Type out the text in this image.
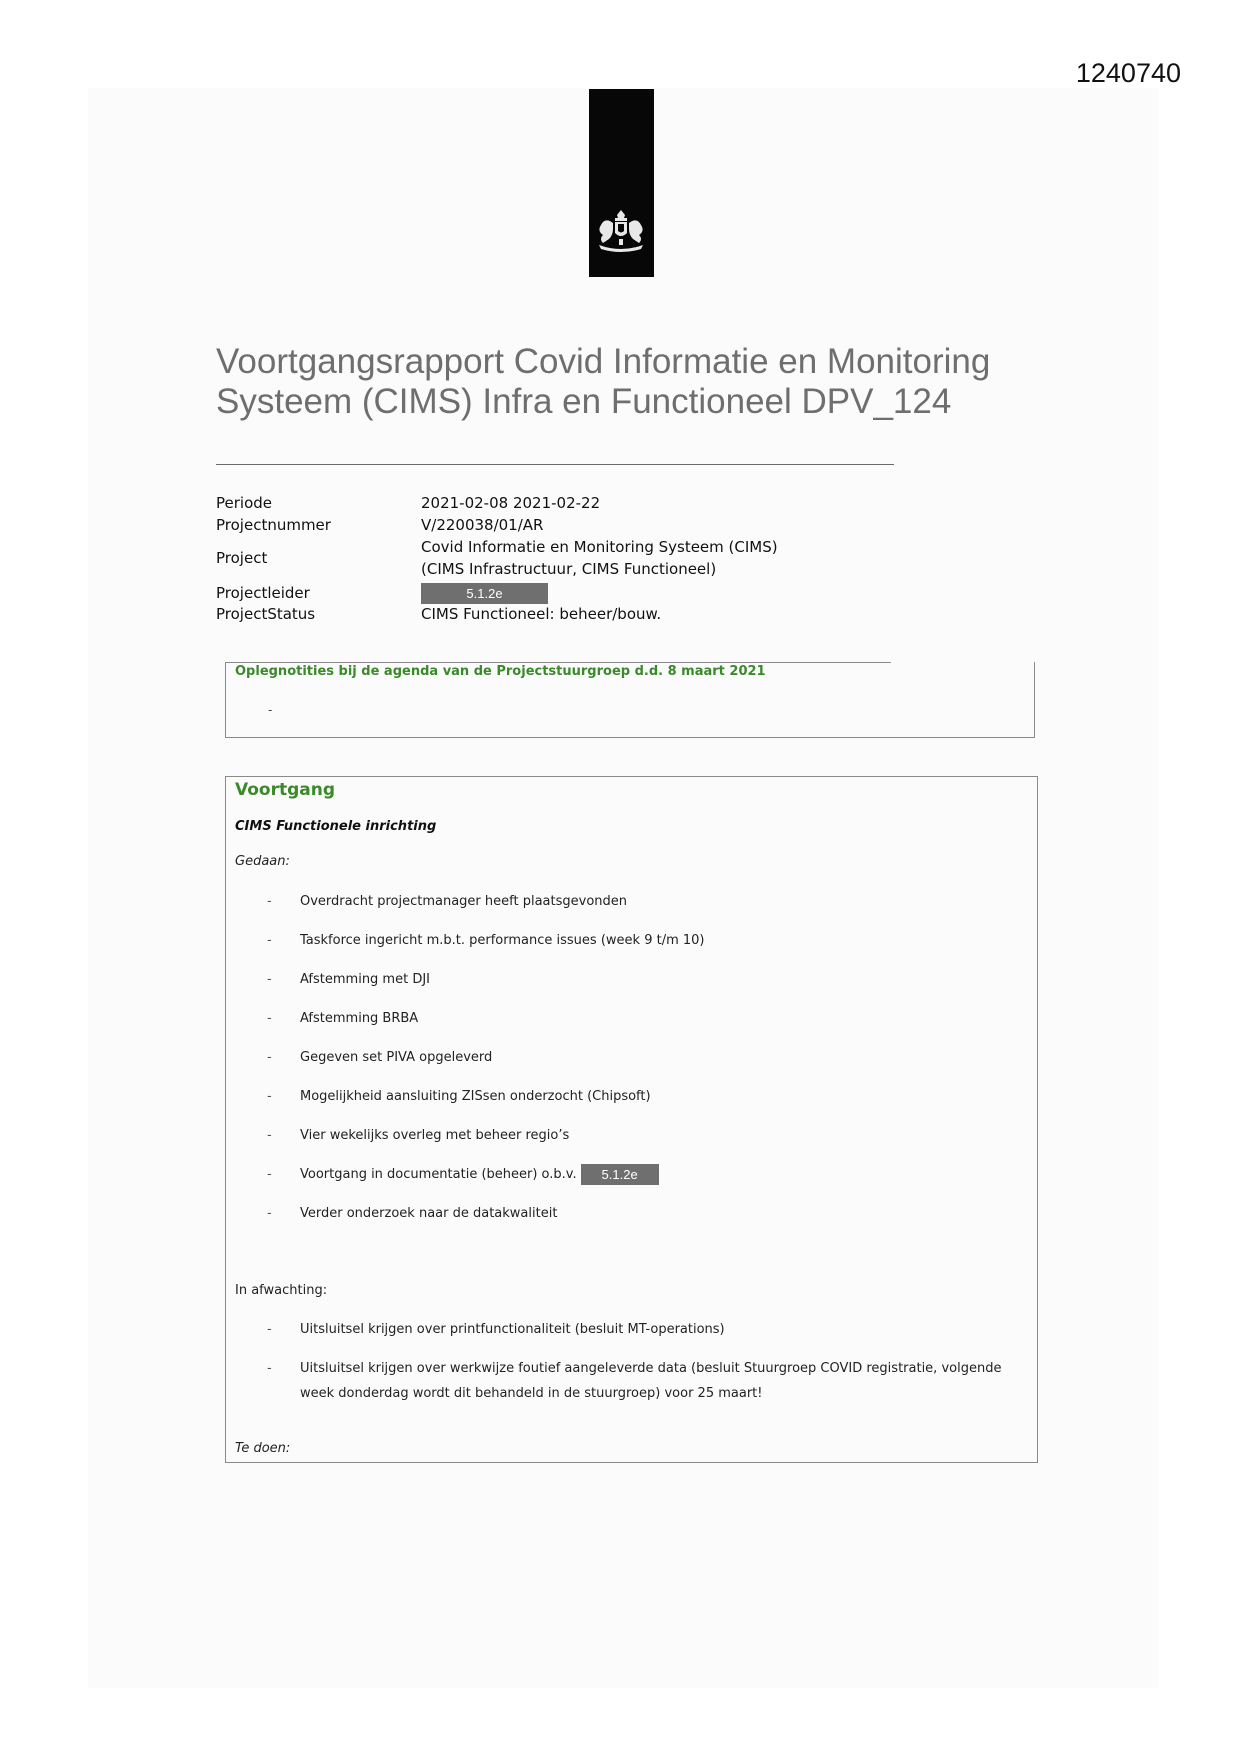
1240740
Voortgangsrapport Covid Informatie en Monitoring
Systeem (CIMS) Infra en Functioneel DPV_124
Periode	2021-02-08 2021-02-22
Projectnummer	V/220038/01/AR
Project
Covid Informatie en Monitoring Systeem (CIMS)
(CIMS Infrastructuur, CIMS Functioneel)
Projectleider	5.1.2e
ProjectStatus	CIMS Functioneel: beheer/bouw.
Oplegnotities bij de agenda van de Projectstuurgroep d.d. 8 maart 2021
-
Voortgang
CIMS Functionele inrichting
Gedaan:
- Overdracht projectmanager heeft plaatsgevonden
- Taskforce ingericht m.b.t. performance issues (week 9 t/m 10)
- Afstemming met DJI
- Afstemming BRBA
- Gegeven set PIVA opgeleverd
- Mogelijkheid aansluiting ZISsen onderzocht (Chipsoft)
- Vier wekelijks overleg met beheer regio’s
- Voortgang in documentatie (beheer) o.b.v. 5.1.2e
- Verder onderzoek naar de datakwaliteit
In afwachting:
- Uitsluitsel krijgen over printfunctionaliteit (besluit MT-operations)
- Uitsluitsel krijgen over werkwijze foutief aangeleverde data (besluit Stuurgroep COVID registratie, volgende week donderdag wordt dit behandeld in de stuurgroep) voor 25 maart!
Te doen:
